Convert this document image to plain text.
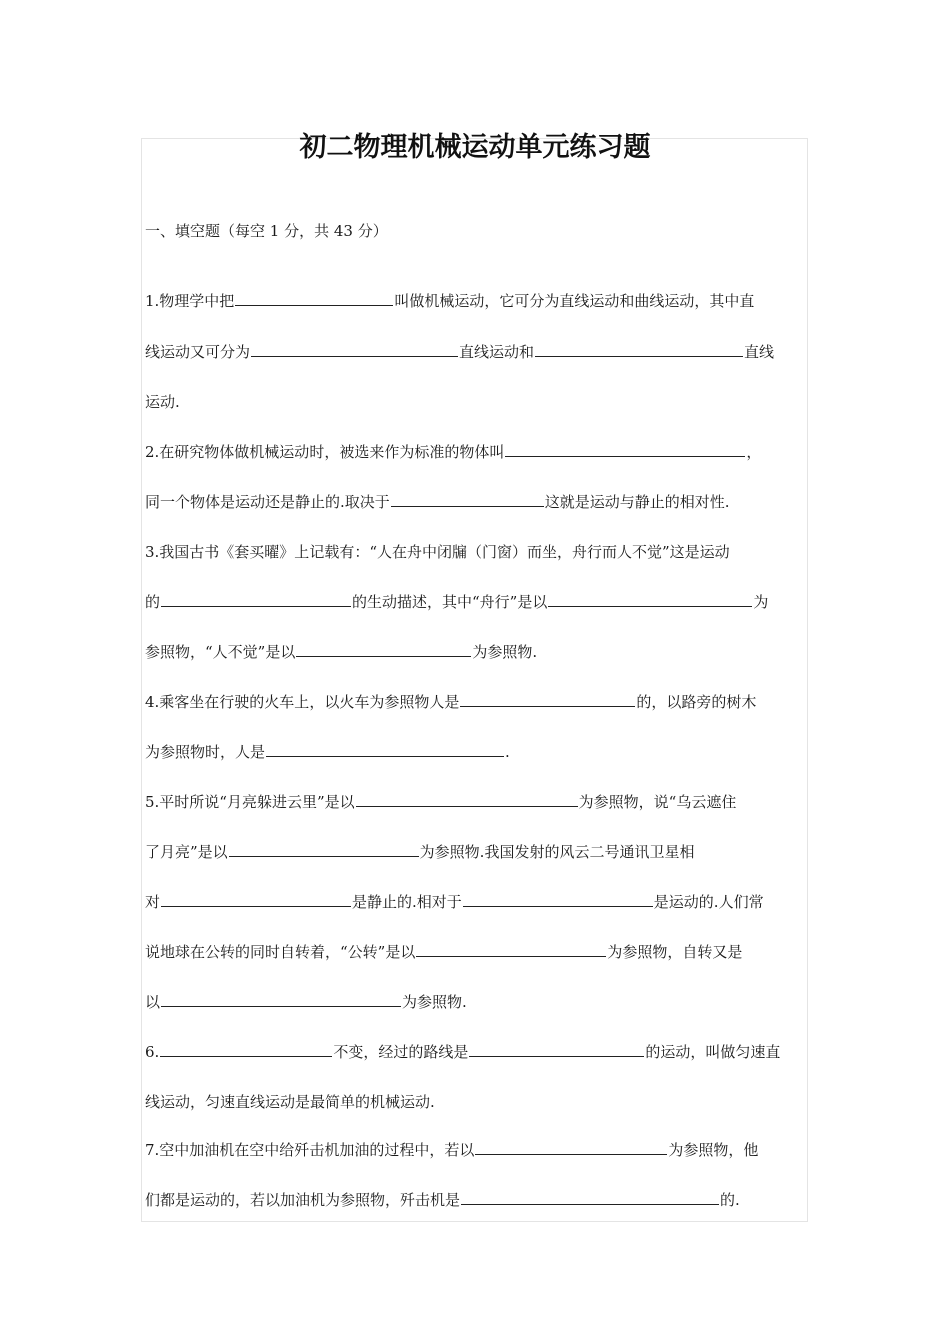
初二物理机械运动单元练习题
一、填空题（每空 1 分，共 43 分）
1.物理学中把	叫做机械运动，它可分为直线运动和曲线运动，其中直
线运动又可分为	直线运动和	直线
运动.
2.在研究物体做机械运动时，被选来作为标准的物体叫	，
同一个物体是运动还是静止的.取决于	这就是运动与静止的相对性.
3.我国古书《套买曜》上记载有：“人在舟中闭牖（门窗）而坐，舟行而人不觉”这是运动
的	的生动描述，其中“舟行”是以	为
参照物，“人不觉”是以	为参照物.
4.乘客坐在行驶的火车上，以火车为参照物人是	的，以路旁的树木
为参照物时，人是	.
5.平时所说“月亮躲进云里”是以	为参照物，说“乌云遮住
了月亮”是以	为参照物.我国发射的风云二号通讯卫星相
对	是静止的.相对于	是运动的.人们常
说地球在公转的同时自转着，“公转”是以	为参照物，自转又是
以	为参照物.
6.	不变，经过的路线是	的运动，叫做匀速直
线运动，匀速直线运动是最简单的机械运动.
7.空中加油机在空中给歼击机加油的过程中，若以	为参照物，他
们都是运动的，若以加油机为参照物，歼击机是	的.
